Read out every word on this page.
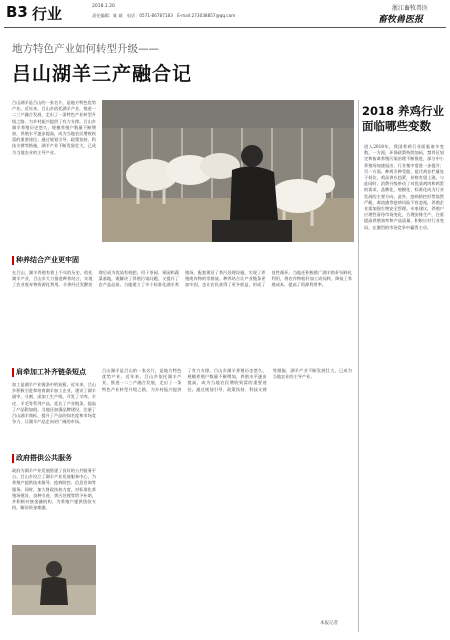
B3 行业	2018.1.20
责任编辑：陈 斌　电话：0571-86787183　E-mail:273038857@qq.com
浙江畜牧兽医
畜牧兽医报
地方特色产业如何转型升级——
吕山湖羊三产融合记
吕山湖羊是吕山的一张名片，是地方特色优势产业。近年来，吕山乡依托湖羊产业，推进一二三产融合发展，走出了一条特色产业转型升级之路，为乡村振兴提供了有力支撑。吕山乡湖羊养殖历史悠久，规模养殖户数量不断增加，养殖水平逐步提高，成为当地农民增收致富的重要途径。通过规划引导、政策扶持、科技支撑等措施，湖羊产业不断发展壮大，已成为当地农业的主导产业。
2018 养鸡行业面临哪些变数
进入2018年，我国养鸡行业面临诸多变数。一方面，环保政策持续加码，禁养区划定和畜禽养殖污染治理不断推进，部分中小养殖场加速退出，行业集中度进一步提升；另一方面，种鸡引种受限，祖代鸡存栏量处于低位，鸡苗供应趋紧，价格有望上涨。与此同时，消费升级带动了对优质鸡肉和鸡蛋的需求，品牌化、规模化、标准化成为行业发展的主要方向。此外，疫病防控形势依然严峻，禽流感等疫病风险不容忽视，养殖企业需加强生物安全管理。专家建议，养殖户应理性看待市场变化，合理安排生产，注重提高养殖效率和产品质量，积极应对行业变局，在激烈的市场竞争中赢得主动。
种养结合产业更牢固
在吕山，湖羊养殖有着上千年的历史，依托湖羊产业，吕山乡大力推进种养结合，实现了农业废弃物资源化利用。羊粪经过发酵处理后成为优质有机肥，用于茶园、果园和蔬菜基地，既解决了养殖污染问题，又提升了农产品品质。当地建立了多个标准化湖羊养殖场，配套建设了粪污处理设施，实现了养殖废弃物的零排放。种养结合让产业链条更加牢固，也让农民获得了更多收益，形成了良性循环。当地还积极推广湖羊秸秆饲料化利用，将农作物秸秆加工成饲料，降低了养殖成本，提高了资源利用率。
肩牵加工补齐链条短点
加工是湖羊产业链条中的短板。近年来，吕山乡积极引进和培育湖羊加工企业，建设了湖羊屠宰、分割、深加工生产线，开发了羊肉、羊皮、羊毛等系列产品，延长了产业链条，提高了产品附加值。当地还加强品牌建设，注册了吕山湖羊商标，提升了产品的知名度和市场竞争力，让湖羊产品走向更广阔的市场。
政府搭供公共服务
政府为湖羊产业发展搭建了良好的公共服务平台。吕山乡设立了湖羊产业发展服务中心，为养殖户提供技术指导、疫病防控、信息咨询等服务。同时，加大财政扶持力度，对标准化养殖场建设、良种引进、粪污处理等给予补助，并积极对接金融机构，为养殖户提供贷款支持，解决资金难题。
吕山湖羊是吕山的一张名片，是地方特色优势产业。近年来，吕山乡依托湖羊产业，推进一二三产融合发展，走出了一条特色产业转型升级之路，为乡村振兴提供了有力支撑。吕山乡湖羊养殖历史悠久，规模养殖户数量不断增加，养殖水平逐步提高，成为当地农民增收致富的重要途径。通过规划引导、政策扶持、科技支撑等措施，湖羊产业不断发展壮大，已成为当地农业的主导产业。
本报记者
